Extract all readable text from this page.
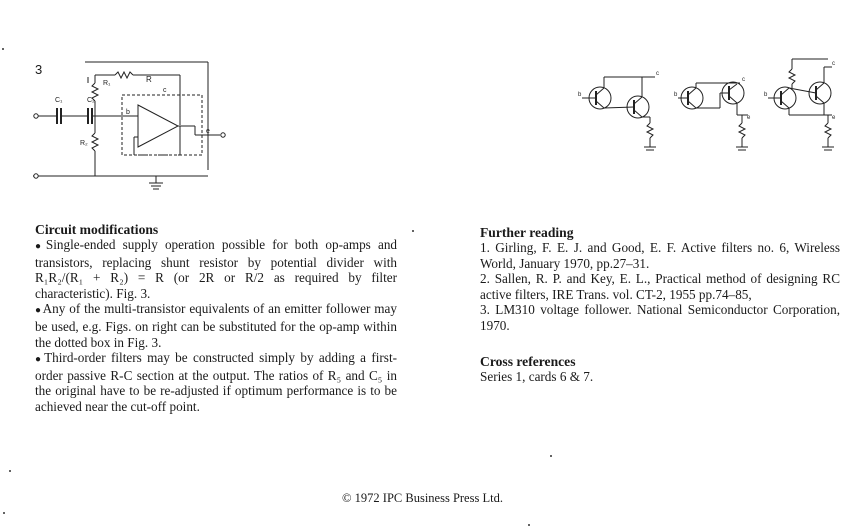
3
C₁	C₂
R
R₁
R₂
b
c
e
b
c
b
c
e
b
c
e
Circuit modifications

● Single-ended supply operation possible for both op-amps and transistors, replacing shunt resistor by potential divider with R₁R₂/(R₁ + R₂) = R (or 2R or R/2 as required by filter characteristic). Fig. 3.

● Any of the multi-transistor equivalents of an emitter follower may be used, e.g. Figs. on right can be substituted for the op-amp within the dotted box in Fig. 3.

● Third-order filters may be constructed simply by adding a first-order passive R-C section at the output. The ratios of R₅ and C₅ in the original have to be re-adjusted if optimum performance is to be achieved near the cut-off point.

Further reading

1. Girling, F. E. J. and Good, E. F. Active filters no. 6, Wireless World, January 1970, pp.27–31.

2. Sallen, R. P. and Key, E. L., Practical method of designing RC active filters, IRE Trans. vol. CT-2, 1955 pp.74–85,

3. LM310 voltage follower. National Semiconductor Corporation, 1970.

Cross references

Series 1, cards 6 & 7.

© 1972 IPC Business Press Ltd.
